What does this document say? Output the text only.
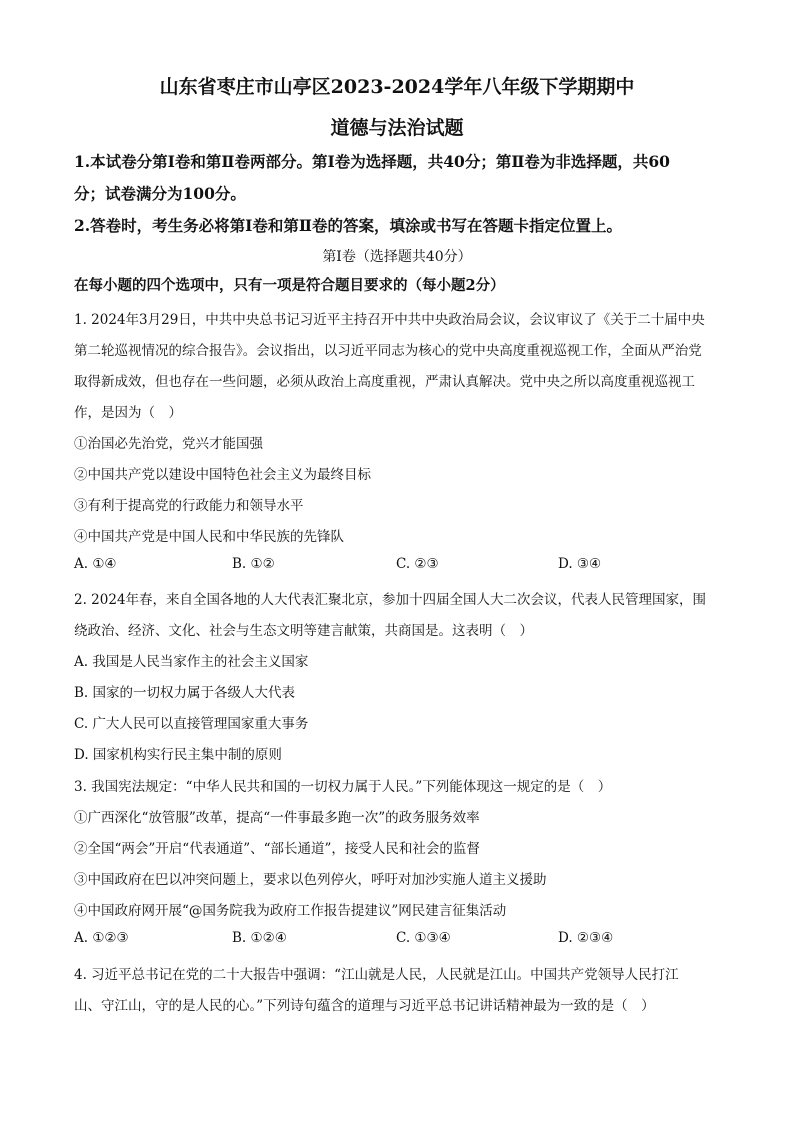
山东省枣庄市山亭区2023-2024学年八年级下学期期中
道德与法治试题

1.本试卷分第Ⅰ卷和第Ⅱ卷两部分。第Ⅰ卷为选择题，共40分；第Ⅱ卷为非选择题，共60

分；试卷满分为100分。

2.答卷时，考生务必将第Ⅰ卷和第Ⅱ卷的答案，填涂或书写在答题卡指定位置上。

第Ⅰ卷（选择题共40分）

在每小题的四个选项中，只有一项是符合题目要求的（每小题2分）

1. 2024年3月29日，中共中央总书记习近平主持召开中共中央政治局会议，会议审议了《关于二十届中央

第二轮巡视情况的综合报告》。会议指出，以习近平同志为核心的党中央高度重视巡视工作，全面从严治党

取得新成效，但也存在一些问题，必须从政治上高度重视，严肃认真解决。党中央之所以高度重视巡视工

作，是因为（　）

①治国必先治党，党兴才能国强

②中国共产党以建设中国特色社会主义为最终目标

③有利于提高党的行政能力和领导水平

④中国共产党是中国人民和中华民族的先锋队

A. ①④	B. ①②	C. ②③	D. ③④

2. 2024年春，来自全国各地的人大代表汇聚北京，参加十四届全国人大二次会议，代表人民管理国家，围

绕政治、经济、文化、社会与生态文明等建言献策，共商国是。这表明（　）

A. 我国是人民当家作主的社会主义国家

B. 国家的一切权力属于各级人大代表

C. 广大人民可以直接管理国家重大事务

D. 国家机构实行民主集中制的原则

3. 我国宪法规定：“中华人民共和国的一切权力属于人民。”下列能体现这一规定的是（　）

①广西深化“放管服”改革，提高“一件事最多跑一次”的政务服务效率

②全国“两会”开启“代表通道”、“部长通道”，接受人民和社会的监督

③中国政府在巴以冲突问题上，要求以色列停火，呼吁对加沙实施人道主义援助

④中国政府网开展“@国务院我为政府工作报告提建议”网民建言征集活动

A. ①②③	B. ①②④	C. ①③④	D. ②③④

4. 习近平总书记在党的二十大报告中强调：“江山就是人民，人民就是江山。中国共产党领导人民打江

山、守江山，守的是人民的心。”下列诗句蕴含的道理与习近平总书记讲话精神最为一致的是（　）
